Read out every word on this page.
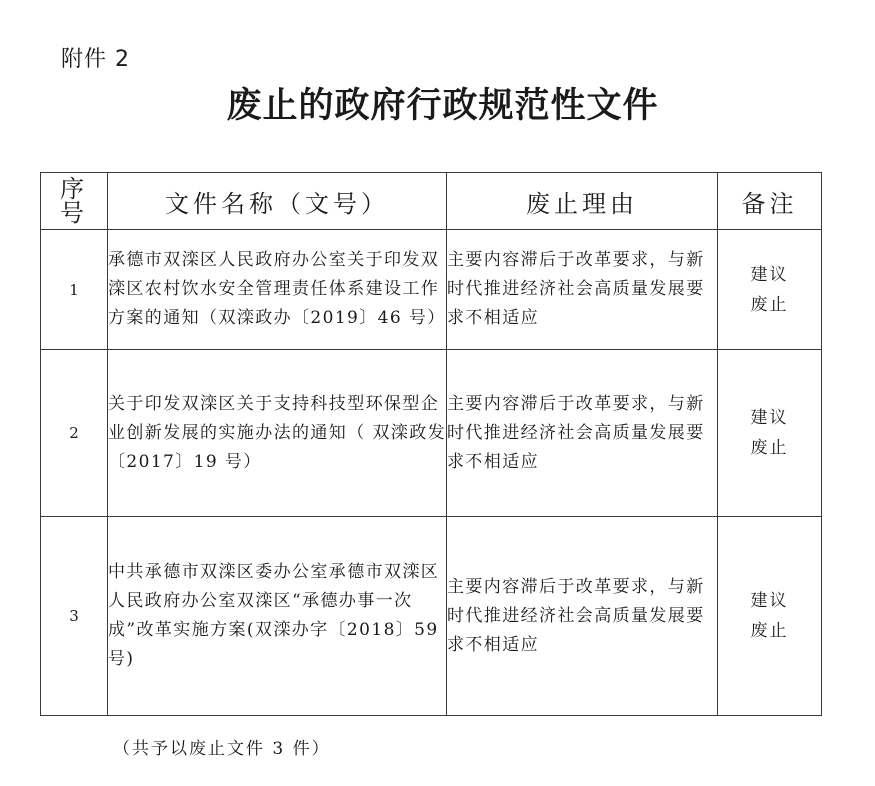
附件 2
废止的政府行政规范性文件
序
号	文件名称（文号）	废止理由	备注
1	承德市双滦区人民政府办公室关于印发双滦区农村饮水安全管理责任体系建设工作方案的通知（双滦政办〔2019〕46 号）	主要内容滞后于改革要求，与新时代推进经济社会高质量发展要求不相适应	建议
废止

2	关于印发双滦区关于支持科技型环保型企业创新发展的实施办法的通知（ 双滦政发〔2017〕19 号）	主要内容滞后于改革要求，与新时代推进经济社会高质量发展要求不相适应	建议
废止

3	中共承德市双滦区委办公室承德市双滦区人民政府办公室双滦区“承德办事一次成”改革实施方案(双滦办字〔2018〕59 号)	主要内容滞后于改革要求，与新时代推进经济社会高质量发展要求不相适应	建议
废止
（共予以废止文件 3 件）
